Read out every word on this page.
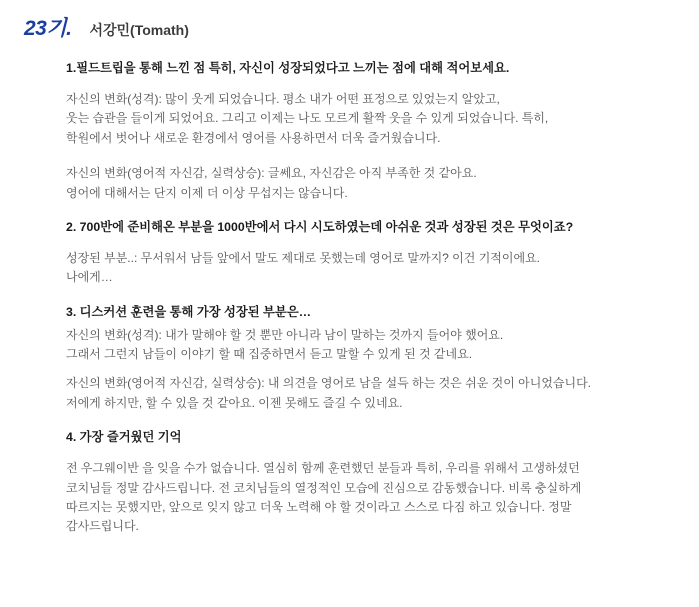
23기. 서강민(Tomath)

1.필드트립을 통해 느낀 점 특히, 자신이 성장되었다고 느끼는 점에 대해 적어보세요.

자신의 변화(성격): 많이 웃게 되었습니다. 평소 내가 어떤 표정으로 있었는지 알았고,
웃는 습관을 들이게 되었어요. 그리고 이제는 나도 모르게 활짝 웃을 수 있게 되었습니다. 특히,
학원에서 벗어나 새로운 환경에서 영어를 사용하면서 더욱 즐거웠습니다.

자신의 변화(영어적 자신감, 실력상승): 글쎄요, 자신감은 아직 부족한 것 같아요.
영어에 대해서는 단지 이제 더 이상 무섭지는 않습니다.

2. 700반에 준비해온 부분을 1000반에서 다시 시도하였는데 아쉬운 것과 성장된 것은 무엇이죠?

성장된 부분..: 무서워서 남들 앞에서 말도 제대로 못했는데 영어로 말까지? 이건 기적이에요.
나에게…

3. 디스커션 훈련을 통해 가장 성장된 부분은…

자신의 변화(성격): 내가 말해야 할 것 뿐만 아니라 남이 말하는 것까지 들어야 했어요.
그래서 그런지 남들이 이야기 할 때 집중하면서 듣고 말할 수 있게 된 것 같네요.

자신의 변화(영어적 자신감, 실력상승): 내 의견을 영어로 남을 설득 하는 것은 쉬운 것이 아니었습니다.
저에게 하지만, 할 수 있을 것 같아요. 이젠 못해도 즐길 수 있네요.

4. 가장 즐거웠던 기억

전 우그웨이반 을 잊을 수가 없습니다. 열심히 함께 훈련했던 분들과 특히, 우리를 위해서 고생하셨던
코치님들 정말 감사드립니다. 전 코치님들의 열정적인 모습에 진심으로 감동했습니다. 비록 충실하게
따르지는 못했지만, 앞으로 잊지 않고 더욱 노력해 야 할 것이라고 스스로 다짐 하고 있습니다. 정말
감사드립니다.
